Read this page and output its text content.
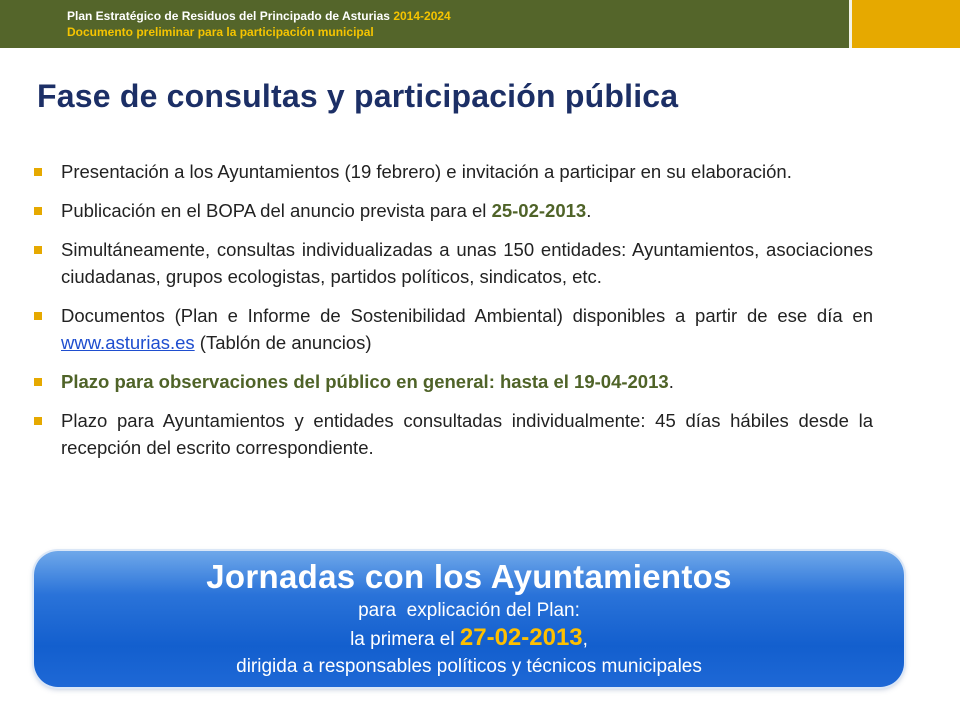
Plan Estratégico de Residuos del Principado de Asturias 2014-2024
Documento preliminar para la participación municipal
Fase de consultas y participación pública
Presentación a los Ayuntamientos (19 febrero) e invitación a participar en su elaboración.
Publicación en el BOPA del anuncio prevista para el 25-02-2013.
Simultáneamente, consultas individualizadas a unas 150 entidades: Ayuntamientos, asociaciones ciudadanas, grupos ecologistas, partidos políticos, sindicatos, etc.
Documentos (Plan e Informe de Sostenibilidad Ambiental) disponibles a partir de ese día en www.asturias.es (Tablón de anuncios)
Plazo para observaciones del público en general: hasta el 19-04-2013.
Plazo para Ayuntamientos y entidades consultadas individualmente: 45 días hábiles desde la recepción del escrito correspondiente.
Jornadas con los Ayuntamientos
para  explicación del Plan:
la primera el 27-02-2013,
dirigida a responsables políticos y técnicos municipales
